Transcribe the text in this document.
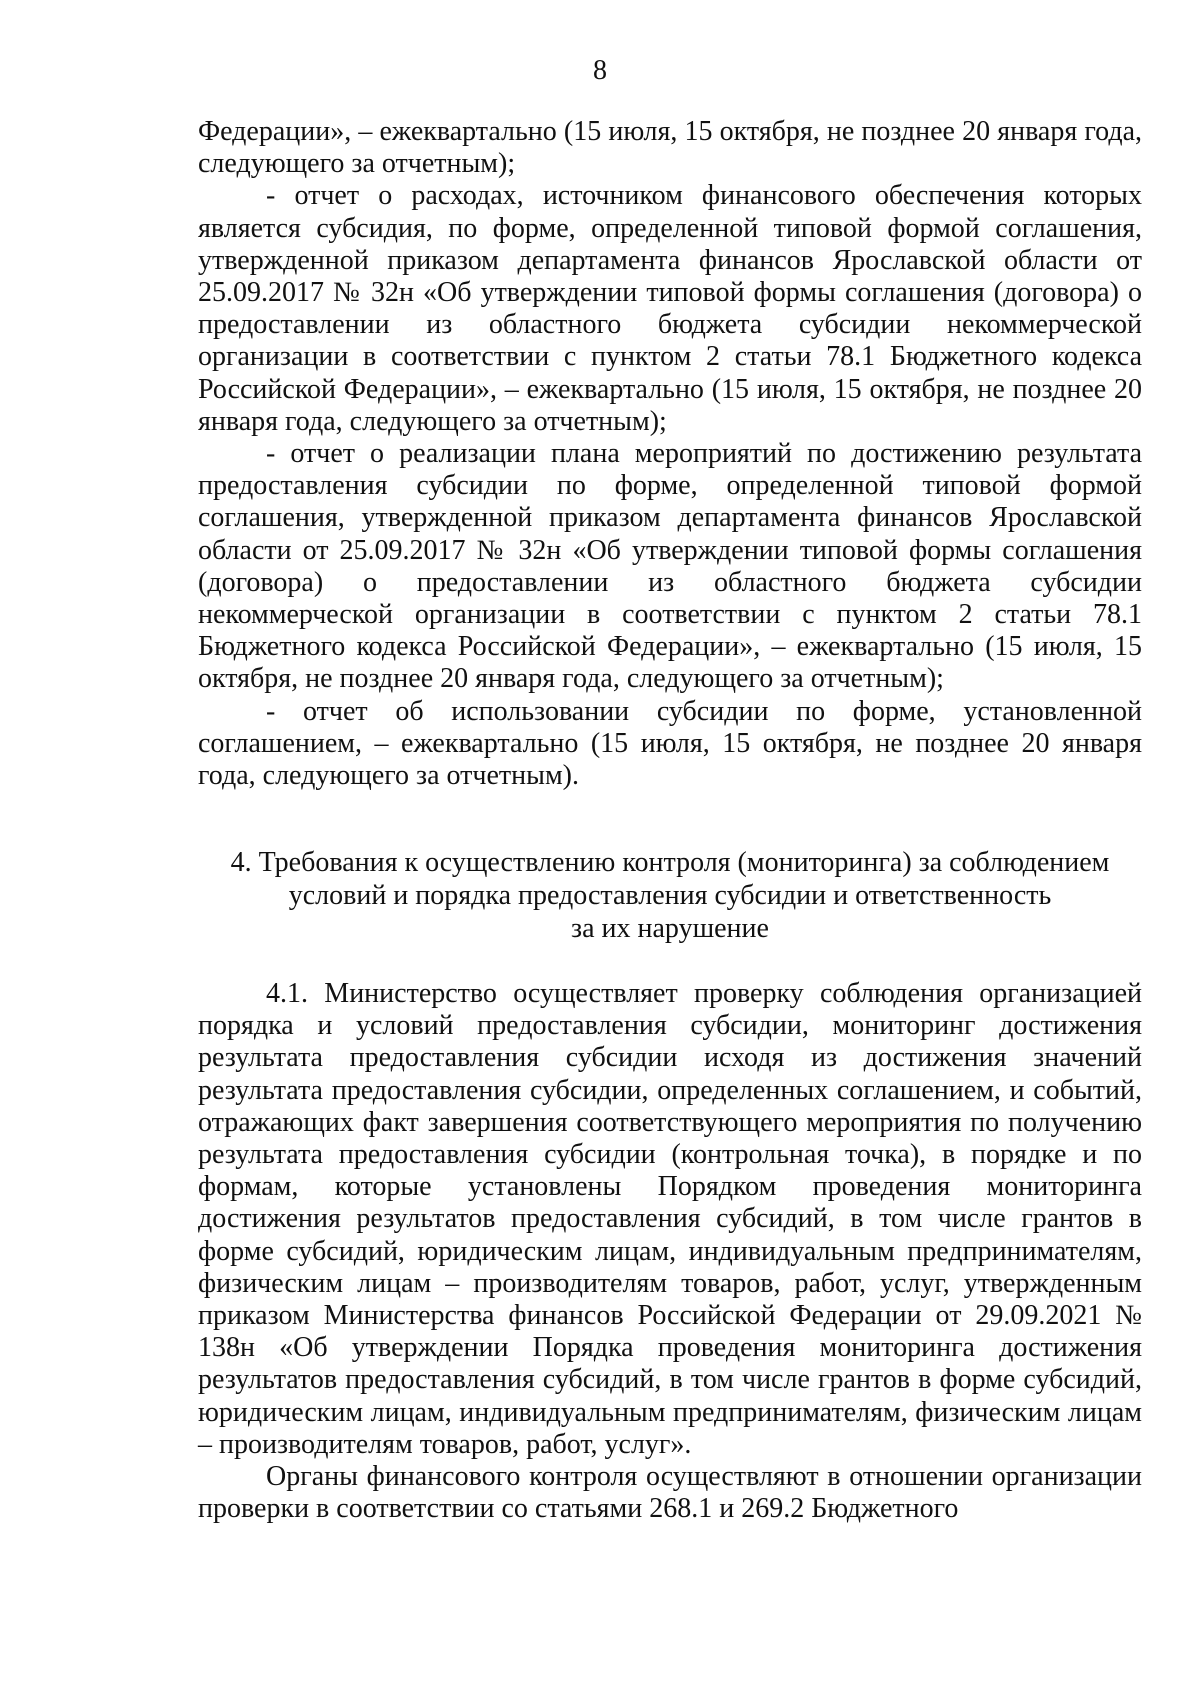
8

Федерации», – ежеквартально (15 июля, 15 октября, не позднее 20 января года, следующего за отчетным);

- отчет о расходах, источником финансового обеспечения которых является субсидия, по форме, определенной типовой формой соглашения, утвержденной приказом департамента финансов Ярославской области от 25.09.2017 № 32н «Об утверждении типовой формы соглашения (договора) о предоставлении из областного бюджета субсидии некоммерческой организации в соответствии с пунктом 2 статьи 78.1 Бюджетного кодекса Российской Федерации», – ежеквартально (15 июля, 15 октября, не позднее 20 января года, следующего за отчетным);

- отчет о реализации плана мероприятий по достижению результата предоставления субсидии по форме, определенной типовой формой соглашения, утвержденной приказом департамента финансов Ярославской области от 25.09.2017 № 32н «Об утверждении типовой формы соглашения (договора) о предоставлении из областного бюджета субсидии некоммерческой организации в соответствии с пунктом 2 статьи 78.1 Бюджетного кодекса Российской Федерации», – ежеквартально (15 июля, 15 октября, не позднее 20 января года, следующего за отчетным);

- отчет об использовании субсидии по форме, установленной соглашением, – ежеквартально (15 июля, 15 октября, не позднее 20 января года, следующего за отчетным).

4. Требования к осуществлению контроля (мониторинга) за соблюдением
условий и порядка предоставления субсидии и ответственность
за их нарушение

4.1. Министерство осуществляет проверку соблюдения организацией порядка и условий предоставления субсидии, мониторинг достижения результата предоставления субсидии исходя из достижения значений результата предоставления субсидии, определенных соглашением, и событий, отражающих факт завершения соответствующего мероприятия по получению результата предоставления субсидии (контрольная точка), в порядке и по формам, которые установлены Порядком проведения мониторинга достижения результатов предоставления субсидий, в том числе грантов в форме субсидий, юридическим лицам, индивидуальным предпринимателям, физическим лицам – производителям товаров, работ, услуг, утвержденным приказом Министерства финансов Российской Федерации от 29.09.2021 № 138н «Об утверждении Порядка проведения мониторинга достижения результатов предоставления субсидий, в том числе грантов в форме субсидий, юридическим лицам, индивидуальным предпринимателям, физическим лицам – производителям товаров, работ, услуг».

Органы финансового контроля осуществляют в отношении организации проверки в соответствии со статьями 268.1 и 269.2 Бюджетного
